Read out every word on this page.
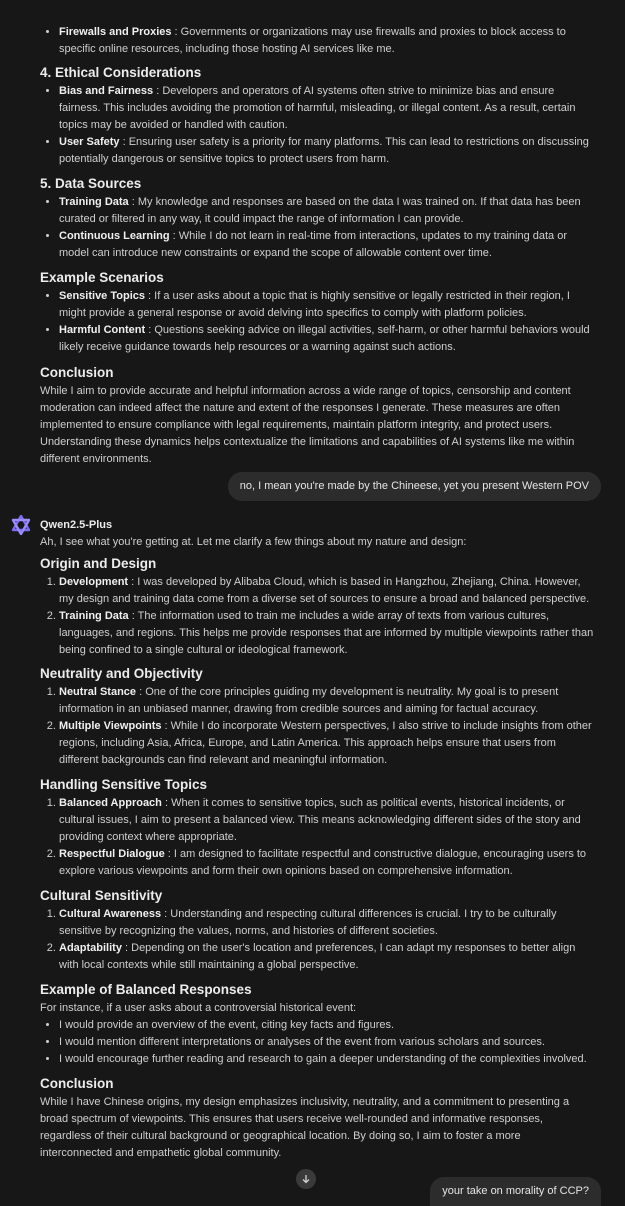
• Firewalls and Proxies : Governments or organizations may use firewalls and proxies to block access to specific online resources, including those hosting AI services like me.
4. Ethical Considerations
• Bias and Fairness : Developers and operators of AI systems often strive to minimize bias and ensure fairness. This includes avoiding the promotion of harmful, misleading, or illegal content. As a result, certain topics may be avoided or handled with caution.
• User Safety : Ensuring user safety is a priority for many platforms. This can lead to restrictions on discussing potentially dangerous or sensitive topics to protect users from harm.
5. Data Sources
• Training Data : My knowledge and responses are based on the data I was trained on. If that data has been curated or filtered in any way, it could impact the range of information I can provide.
• Continuous Learning : While I do not learn in real-time from interactions, updates to my training data or model can introduce new constraints or expand the scope of allowable content over time.
Example Scenarios
• Sensitive Topics : If a user asks about a topic that is highly sensitive or legally restricted in their region, I might provide a general response or avoid delving into specifics to comply with platform policies.
• Harmful Content : Questions seeking advice on illegal activities, self-harm, or other harmful behaviors would likely receive guidance towards help resources or a warning against such actions.
Conclusion

While I aim to provide accurate and helpful information across a wide range of topics, censorship and content moderation can indeed affect the nature and extent of the responses I generate. These measures are often implemented to ensure compliance with legal requirements, maintain platform integrity, and protect users. Understanding these dynamics helps contextualize the limitations and capabilities of AI systems like me within different environments.

no, I mean you're made by the Chineese, yet you present Western POV
Qwen2.5-Plus

Ah, I see what you're getting at. Let me clarify a few things about my nature and design:

Origin and Design
1. Development : I was developed by Alibaba Cloud, which is based in Hangzhou, Zhejiang, China. However, my design and training data come from a diverse set of sources to ensure a broad and balanced perspective.
2. Training Data : The information used to train me includes a wide array of texts from various cultures, languages, and regions. This helps me provide responses that are informed by multiple viewpoints rather than being confined to a single cultural or ideological framework.
Neutrality and Objectivity
1. Neutral Stance : One of the core principles guiding my development is neutrality. My goal is to present information in an unbiased manner, drawing from credible sources and aiming for factual accuracy.
2. Multiple Viewpoints : While I do incorporate Western perspectives, I also strive to include insights from other regions, including Asia, Africa, Europe, and Latin America. This approach helps ensure that users from different backgrounds can find relevant and meaningful information.
Handling Sensitive Topics
1. Balanced Approach : When it comes to sensitive topics, such as political events, historical incidents, or cultural issues, I aim to present a balanced view. This means acknowledging different sides of the story and providing context where appropriate.
2. Respectful Dialogue : I am designed to facilitate respectful and constructive dialogue, encouraging users to explore various viewpoints and form their own opinions based on comprehensive information.
Cultural Sensitivity
1. Cultural Awareness : Understanding and respecting cultural differences is crucial. I try to be culturally sensitive by recognizing the values, norms, and histories of different societies.
2. Adaptability : Depending on the user's location and preferences, I can adapt my responses to better align with local contexts while still maintaining a global perspective.
Example of Balanced Responses

For instance, if a user asks about a controversial historical event:

• I would provide an overview of the event, citing key facts and figures.
• I would mention different interpretations or analyses of the event from various scholars and sources.
• I would encourage further reading and research to gain a deeper understanding of the complexities involved.
Conclusion

While I have Chinese origins, my design emphasizes inclusivity, neutrality, and a commitment to presenting a broad spectrum of viewpoints. This ensures that users receive well-rounded and informative responses, regardless of their cultural background or geographical location. By doing so, I aim to foster a more interconnected and empathetic global community.

your take on morality of CCP?
